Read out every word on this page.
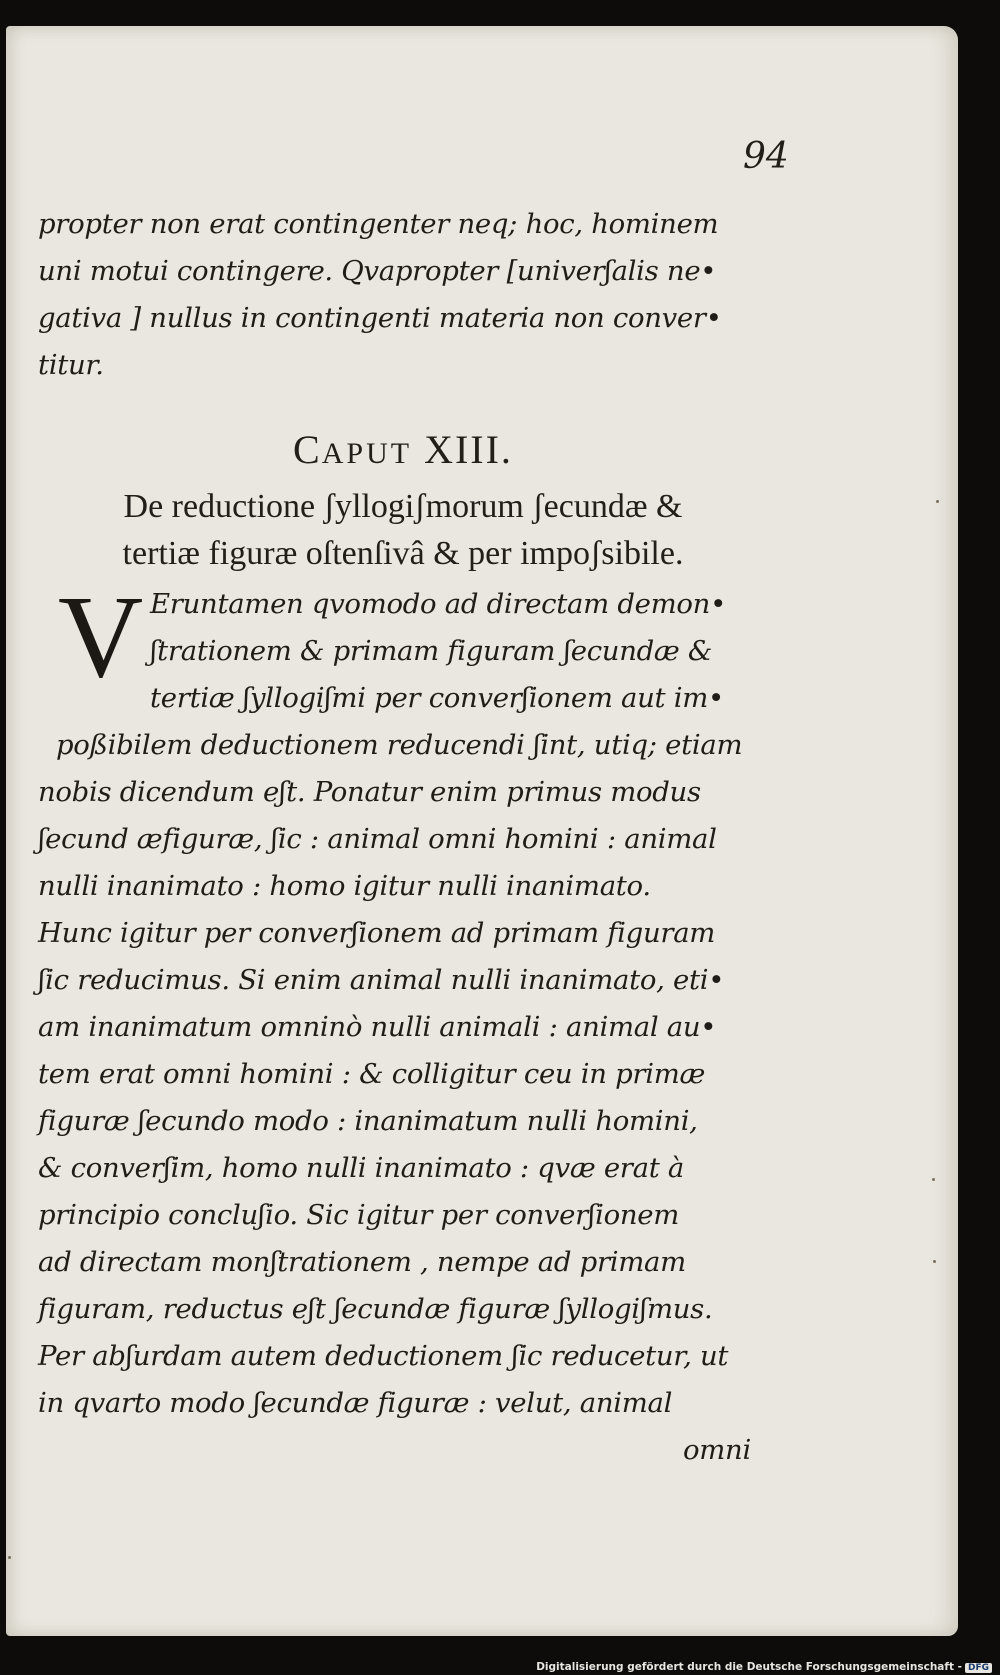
94
propter non erat contingenter neq; hoc, hominem
uni motui contingere. Qvapropter [univerʃalis ne•
gativa ] nullus in contingenti materia non conver•
titur.
CAPUT XIII.
De reductione ʃyllogiʃmorum ʃecundæ &
tertiæ figuræ oſtenſivâ & per impoʃsibile.
V Eruntamen qvomodo ad directam demon•
ʃtrationem & primam figuram ʃecundæ &
tertiæ ʃyllogiʃmi per converʃionem aut im•
poßibilem deductionem reducendi ʃint, utiq; etiam
nobis dicendum eʃt. Ponatur enim primus modus
ʃecund æfiguræ, ʃic : animal omni homini : animal
nulli inanimato : homo igitur nulli inanimato.
Hunc igitur per converʃionem ad primam figuram
ʃic reducimus. Si enim animal nulli inanimato, eti•
am inanimatum omninò nulli animali : animal au•
tem erat omni homini : & colligitur ceu in primæ
figuræ ʃecundo modo : inanimatum nulli homini,
& converʃim, homo nulli inanimato : qvæ erat à
principio concluʃio. Sic igitur per converʃionem
ad directam monʃtrationem , nempe ad primam
figuram, reductus eʃt ʃecundæ figuræ ʃyllogiʃmus.
Per abʃurdam autem deductionem ʃic reducetur, ut
in qvarto modo ʃecundæ figuræ : velut, animal
omni
Digitalisierung gefördert durch die Deutsche Forschungsgemeinschaft - DFG
